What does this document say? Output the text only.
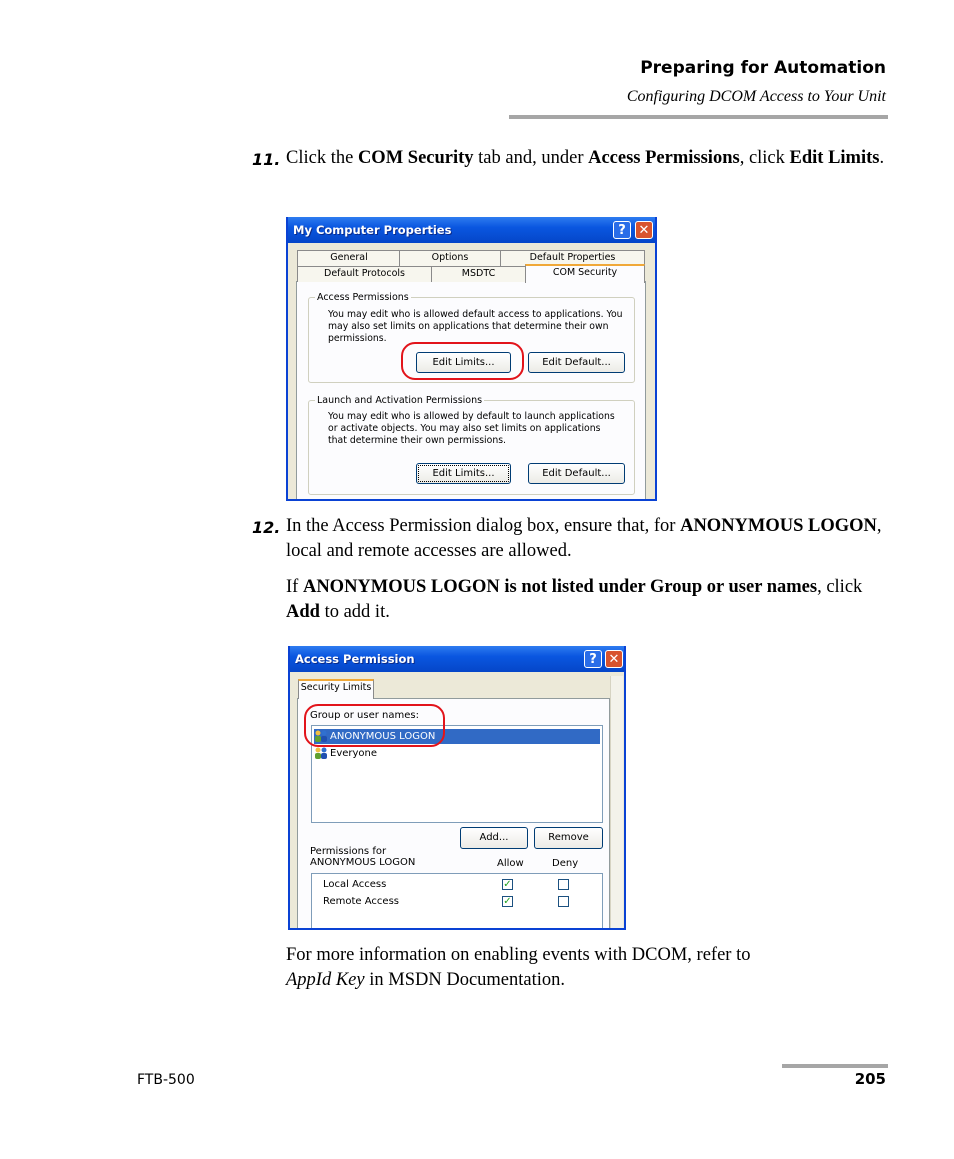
Preparing for Automation
Configuring DCOM Access to Your Unit
11. Click the COM Security tab and, under Access Permissions, click Edit Limits.
My Computer Properties	? ✕
General	Options	Default Properties
Default Protocols	MSDTC	COM Security
Access Permissions
You may edit who is allowed default access to applications. You may also set limits on applications that determine their own permissions.
Edit Limits...	Edit Default...
Launch and Activation Permissions
You may edit who is allowed by default to launch applications or activate objects. You may also set limits on applications that determine their own permissions.
Edit Limits...	Edit Default...
12. In the Access Permission dialog box, ensure that, for ANONYMOUS LOGON, local and remote accesses are allowed.
If ANONYMOUS LOGON is not listed under Group or user names, click Add to add it.
Access Permission	? ✕
Security Limits
Group or user names:
ANONYMOUS LOGON
Everyone
Add...	Remove
Permissions for ANONYMOUS LOGON	Allow	Deny
Local Access	✓
Remote Access	✓
For more information on enabling events with DCOM, refer to
AppId Key in MSDN Documentation.
FTB-500	205
